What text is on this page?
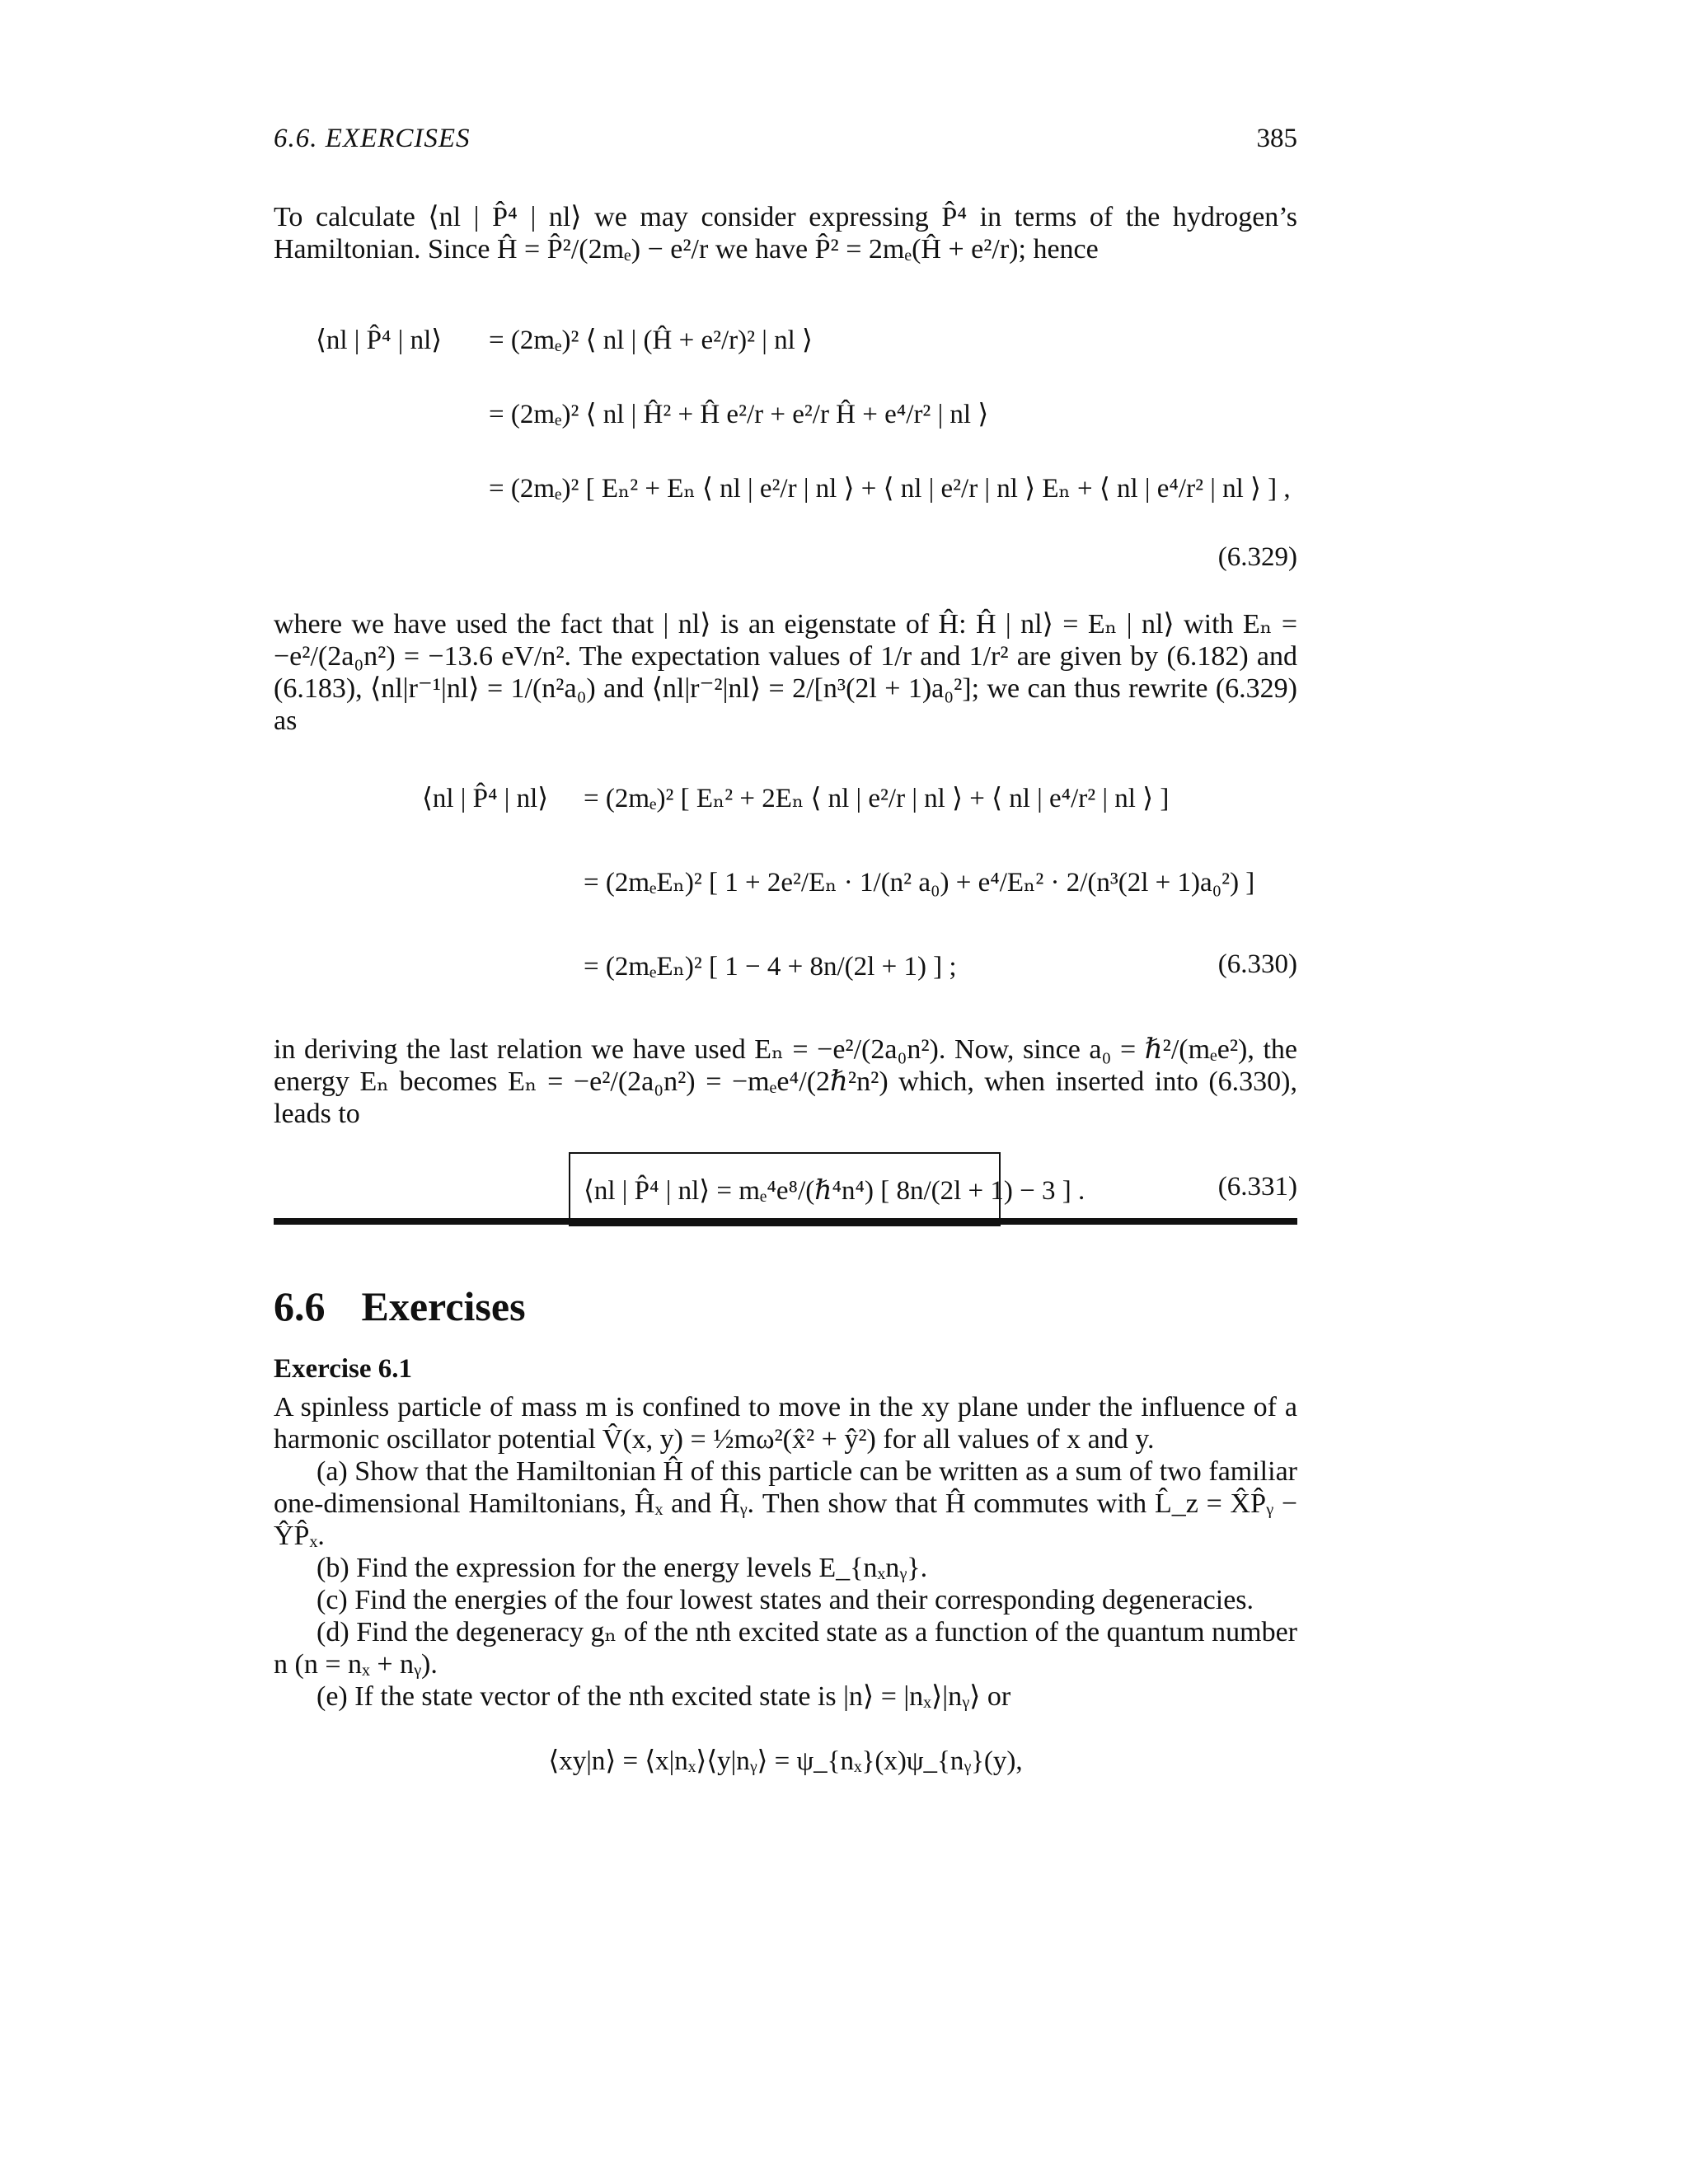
6.6. EXERCISES	385

To calculate ⟨nl | P̂⁴ | nl⟩ we may consider expressing P̂⁴ in terms of the hydrogen’s Hamiltonian. Since Ĥ = P̂²/(2mₑ) − e²/r we have P̂² = 2mₑ(Ĥ + e²/r); hence

⟨nl | P̂⁴ | nl⟩ = (2mₑ)² ⟨ nl | (Ĥ + e²/r)² | nl ⟩
= (2mₑ)² ⟨ nl | Ĥ² + Ĥ e²/r + e²/r Ĥ + e⁴/r² | nl ⟩
= (2mₑ)² [ Eₙ² + Eₙ ⟨ nl | e²/r | nl ⟩ + ⟨ nl | e²/r | nl ⟩ Eₙ + ⟨ nl | e⁴/r² | nl ⟩ ] ,
(6.329)

where we have used the fact that | nl⟩ is an eigenstate of Ĥ: Ĥ | nl⟩ = Eₙ | nl⟩ with Eₙ = −e²/(2a₀n²) = −13.6 eV/n². The expectation values of 1/r and 1/r² are given by (6.182) and (6.183), ⟨nl|r⁻¹|nl⟩ = 1/(n²a₀) and ⟨nl|r⁻²|nl⟩ = 2/[n³(2l + 1)a₀²]; we can thus rewrite (6.329) as

⟨nl | P̂⁴ | nl⟩ = (2mₑ)² [ Eₙ² + 2Eₙ ⟨ nl | e²/r | nl ⟩ + ⟨ nl | e⁴/r² | nl ⟩ ]
= (2mₑEₙ)² [ 1 + 2e²/Eₙ · 1/(n² a₀) + e⁴/Eₙ² · 2/(n³(2l + 1)a₀²) ]
= (2mₑEₙ)² [ 1 − 4 + 8n/(2l + 1) ] ;	(6.330)

in deriving the last relation we have used Eₙ = −e²/(2a₀n²). Now, since a₀ = ℏ²/(mₑe²), the energy Eₙ becomes Eₙ = −e²/(2a₀n²) = −mₑe⁴/(2ℏ²n²) which, when inserted into (6.330), leads to

⟨nl | P̂⁴ | nl⟩ = mₑ⁴e⁸/(ℏ⁴n⁴) [ 8n/(2l + 1) − 3 ] .	(6.331)
6.6 Exercises
Exercise 6.1

A spinless particle of mass m is confined to move in the xy plane under the influence of a harmonic oscillator potential V̂(x, y) = ½mω²(x̂² + ŷ²) for all values of x and y.

(a) Show that the Hamiltonian Ĥ of this particle can be written as a sum of two familiar one-dimensional Hamiltonians, Ĥₓ and Ĥᵧ. Then show that Ĥ commutes with L̂_z = X̂P̂ᵧ − ŶP̂ₓ.

(b) Find the expression for the energy levels E_{nₓnᵧ}.

(c) Find the energies of the four lowest states and their corresponding degeneracies.

(d) Find the degeneracy gₙ of the nth excited state as a function of the quantum number n (n = nₓ + nᵧ).

(e) If the state vector of the nth excited state is |n⟩ = |nₓ⟩|nᵧ⟩ or

⟨xy|n⟩ = ⟨x|nₓ⟩⟨y|nᵧ⟩ = ψ_{nₓ}(x)ψ_{nᵧ}(y),
